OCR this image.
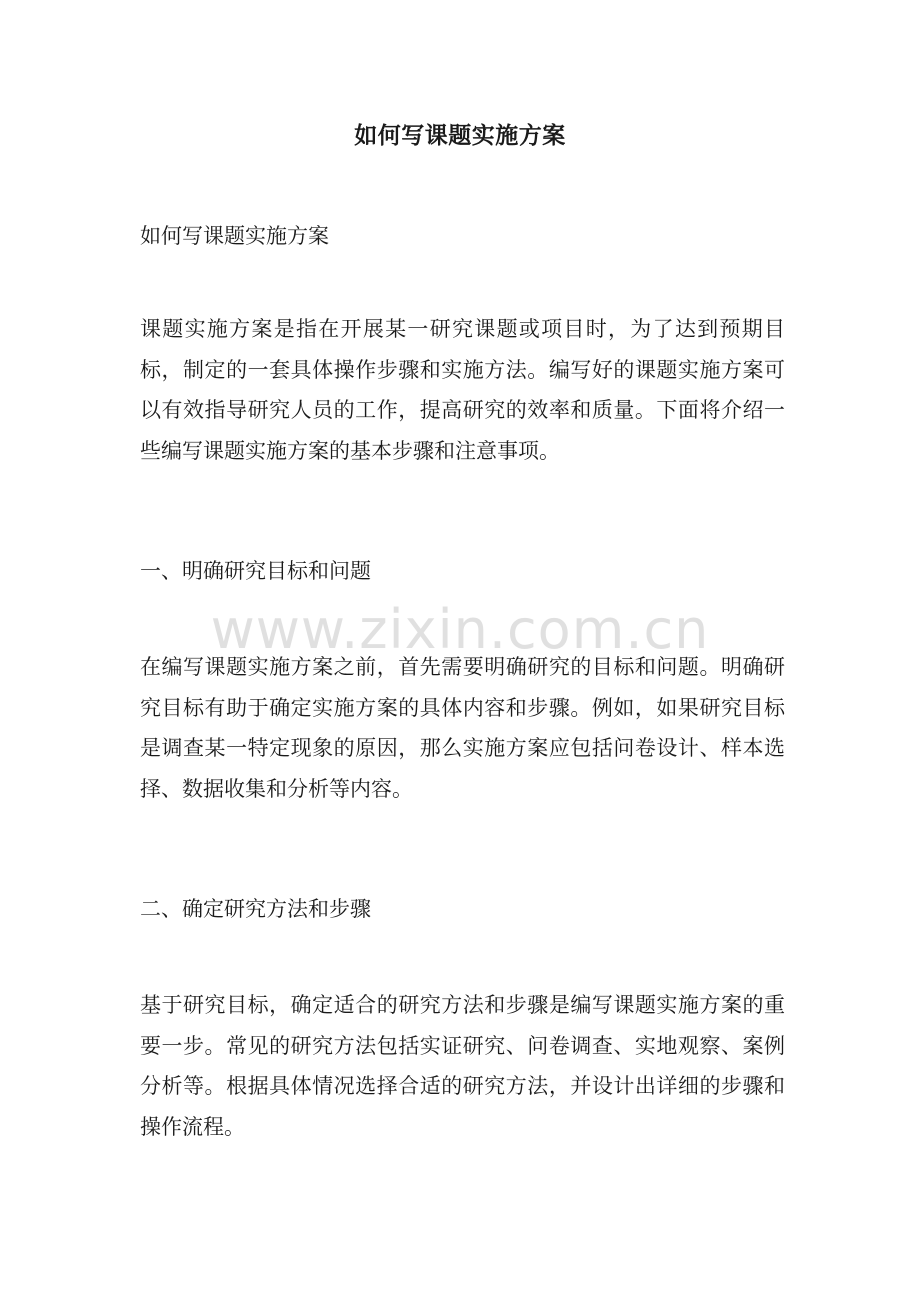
如何写课题实施方案
如何写课题实施方案
课题实施方案是指在开展某一研究课题或项目时，为了达到预期目标，制定的一套具体操作步骤和实施方法。编写好的课题实施方案可以有效指导研究人员的工作，提高研究的效率和质量。下面将介绍一些编写课题实施方案的基本步骤和注意事项。
一、明确研究目标和问题
在编写课题实施方案之前，首先需要明确研究的目标和问题。明确研究目标有助于确定实施方案的具体内容和步骤。例如，如果研究目标是调查某一特定现象的原因，那么实施方案应包括问卷设计、样本选择、数据收集和分析等内容。
二、确定研究方法和步骤
基于研究目标，确定适合的研究方法和步骤是编写课题实施方案的重要一步。常见的研究方法包括实证研究、问卷调查、实地观察、案例分析等。根据具体情况选择合适的研究方法，并设计出详细的步骤和操作流程。
www.zixin.com.cn
